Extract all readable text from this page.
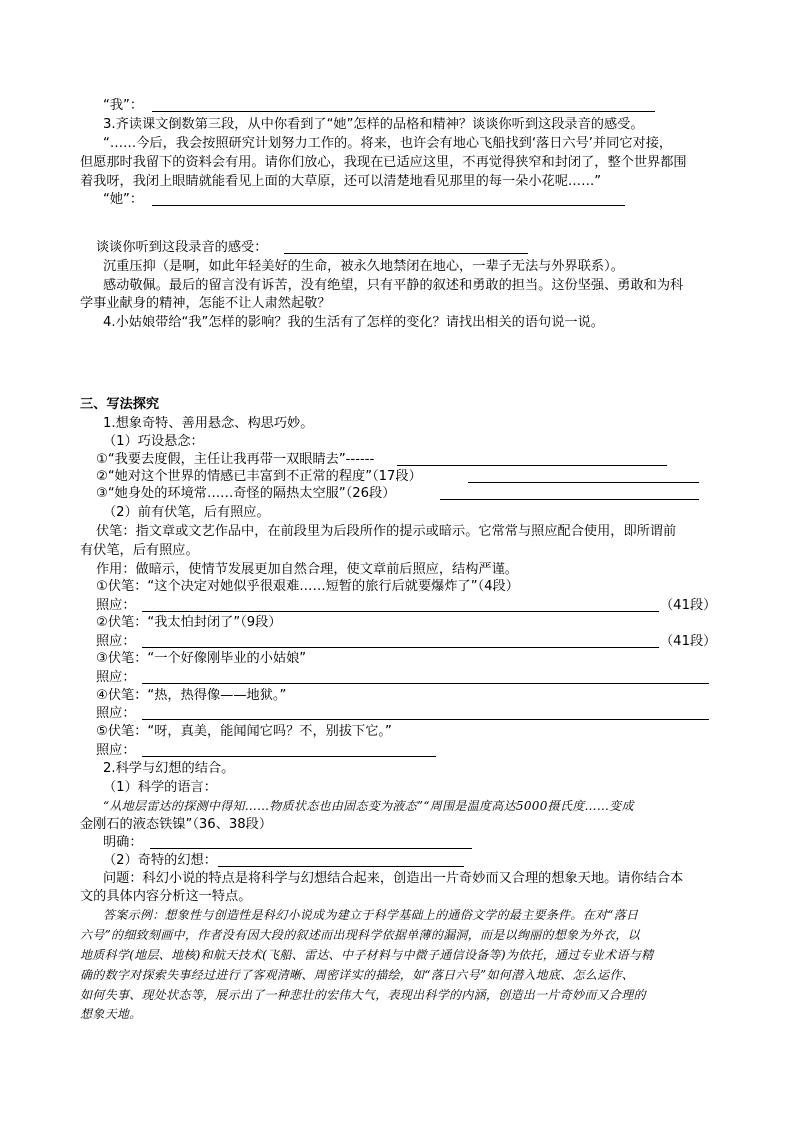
“我”：
3.齐读课文倒数第三段，从中你看到了“她”怎样的品格和精神？谈谈你听到这段录音的感受。
“……今后，我会按照研究计划努力工作的。将来，也许会有地心飞船找到‘落日六号’并同它对接，
但愿那时我留下的资料会有用。请你们放心，我现在已适应这里，不再觉得狭窄和封闭了，整个世界都围
着我呀，我闭上眼睛就能看见上面的大草原，还可以清楚地看见那里的每一朵小花呢……”
“她”：
谈谈你听到这段录音的感受：
沉重压抑（是啊，如此年轻美好的生命，被永久地禁闭在地心，一辈子无法与外界联系）。
感动敬佩。最后的留言没有诉苦，没有绝望，只有平静的叙述和勇敢的担当。这份坚强、勇敢和为科
学事业献身的精神，怎能不让人肃然起敬？
4.小姑娘带给“我”怎样的影响？我的生活有了怎样的变化？请找出相关的语句说一说。
三、写法探究
1.想象奇特、善用悬念、构思巧妙。
（1）巧设悬念：
①“我要去度假，主任让我再带一双眼睛去”------
②“她对这个世界的情感已丰富到不正常的程度”（17段）
③“她身处的环境常……奇怪的隔热太空服”（26段）
（2）前有伏笔，后有照应。
伏笔：指文章或文艺作品中，在前段里为后段所作的提示或暗示。它常常与照应配合使用，即所谓前
有伏笔，后有照应。
作用：做暗示，使情节发展更加自然合理，使文章前后照应，结构严谨。
①伏笔：“这个决定对她似乎很艰难……短暂的旅行后就要爆炸了”（4段）
照应：	（41段）
②伏笔：“我太怕封闭了”（9段）
照应：	（41段）
③伏笔：“一个好像刚毕业的小姑娘”
照应：
④伏笔：“热，热得像——地狱。”
照应：
⑤伏笔：“呀，真美，能闻闻它吗？不，别拔下它。”
照应：
2.科学与幻想的结合。
（1）科学的语言：
“从地层雷达的探测中得知……物质状态也由固态变为液态”“周围是温度高达5000摄氏度……变成
金刚石的液态铁镍”（36、38段）
明确：
（2）奇特的幻想：
问题：科幻小说的特点是将科学与幻想结合起来，创造出一片奇妙而又合理的想象天地。请你结合本
文的具体内容分析这一特点。
答案示例：想象性与创造性是科幻小说成为建立于科学基础上的通俗文学的最主要条件。在对“落日
六号”的细致刻画中，作者没有因大段的叙述而出现科学依据单薄的漏洞，而是以绚丽的想象为外衣，以
地质科学(地层、地核)和航天技术(飞船、雷达、中子材料与中微子通信设备等)为依托，通过专业术语与精
确的数字对探索失事经过进行了客观清晰、周密详实的描绘，如“落日六号”如何潜入地底、怎么运作、
如何失事、现处状态等，展示出了一种悲壮的宏伟大气，表现出科学的内涵，创造出一片奇妙而又合理的
想象天地。
